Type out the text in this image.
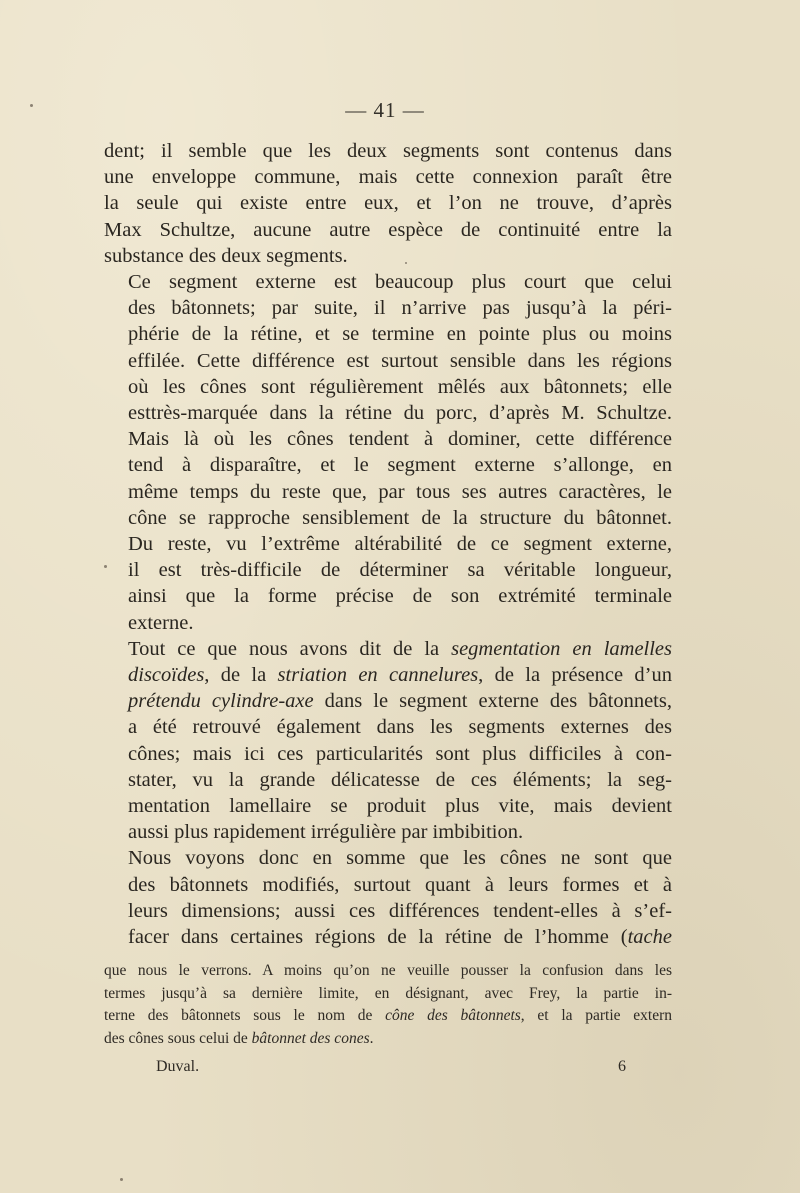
— 41 —

dent; il semble que les deux segments sont contenus dans
une enveloppe commune, mais cette connexion paraît être
la seule qui existe entre eux, et l’on ne trouve, d’après
Max Schultze, aucune autre espèce de continuité entre la
substance des deux segments.

Ce segment externe est beaucoup plus court que celui
des bâtonnets; par suite, il n’arrive pas jusqu’à la péri-
phérie de la rétine, et se termine en pointe plus ou moins
effilée. Cette différence est surtout sensible dans les régions
où les cônes sont régulièrement mêlés aux bâtonnets; elle
esttrès-marquée dans la rétine du porc, d’après M. Schultze.
Mais là où les cônes tendent à dominer, cette différence
tend à disparaître, et le segment externe s’allonge, en
même temps du reste que, par tous ses autres caractères, le
cône se rapproche sensiblement de la structure du bâtonnet.
Du reste, vu l’extrême altérabilité de ce segment externe,
il est très-difficile de déterminer sa véritable longueur,
ainsi que la forme précise de son extrémité terminale
externe.

Tout ce que nous avons dit de la segmentation en lamelles
discoïdes, de la striation en cannelures, de la présence d’un
prétendu cylindre-axe dans le segment externe des bâtonnets,
a été retrouvé également dans les segments externes des
cônes; mais ici ces particularités sont plus difficiles à con-
stater, vu la grande délicatesse de ces éléments; la seg-
mentation lamellaire se produit plus vite, mais devient
aussi plus rapidement irrégulière par imbibition.

Nous voyons donc en somme que les cônes ne sont que
des bâtonnets modifiés, surtout quant à leurs formes et à
leurs dimensions; aussi ces différences tendent-elles à s’ef-
facer dans certaines régions de la rétine de l’homme (tache

que nous le verrons. A moins qu’on ne veuille pousser la confusion dans les
termes jusqu’à sa dernière limite, en désignant, avec Frey, la partie in-
terne des bâtonnets sous le nom de cône des bâtonnets, et la partie extern
des cônes sous celui de bâtonnet des cones.
Duval.	6
